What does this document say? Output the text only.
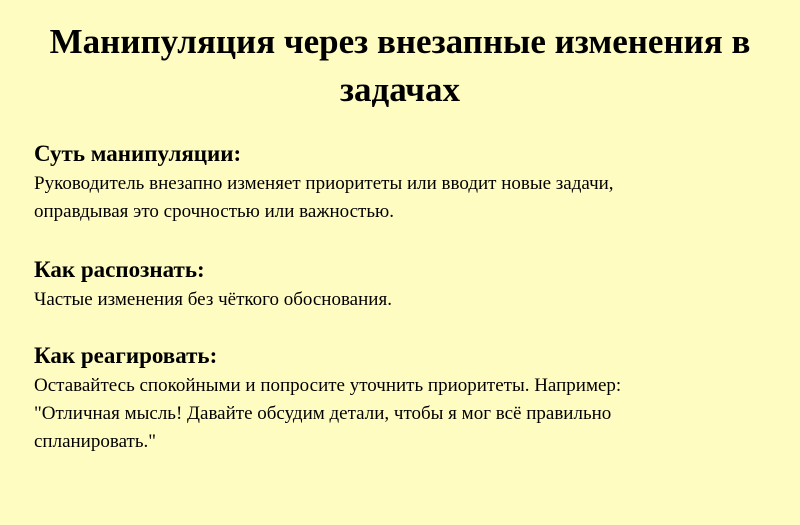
Манипуляция через внезапные изменения в задачах
Суть манипуляции:

Руководитель внезапно изменяет приоритеты или вводит новые задачи,
оправдывая это срочностью или важностью.

Как распознать:

Частые изменения без чёткого обоснования.

Как реагировать:

Оставайтесь спокойными и попросите уточнить приоритеты. Например:
"Отличная мысль! Давайте обсудим детали, чтобы я мог всё правильно
спланировать."
